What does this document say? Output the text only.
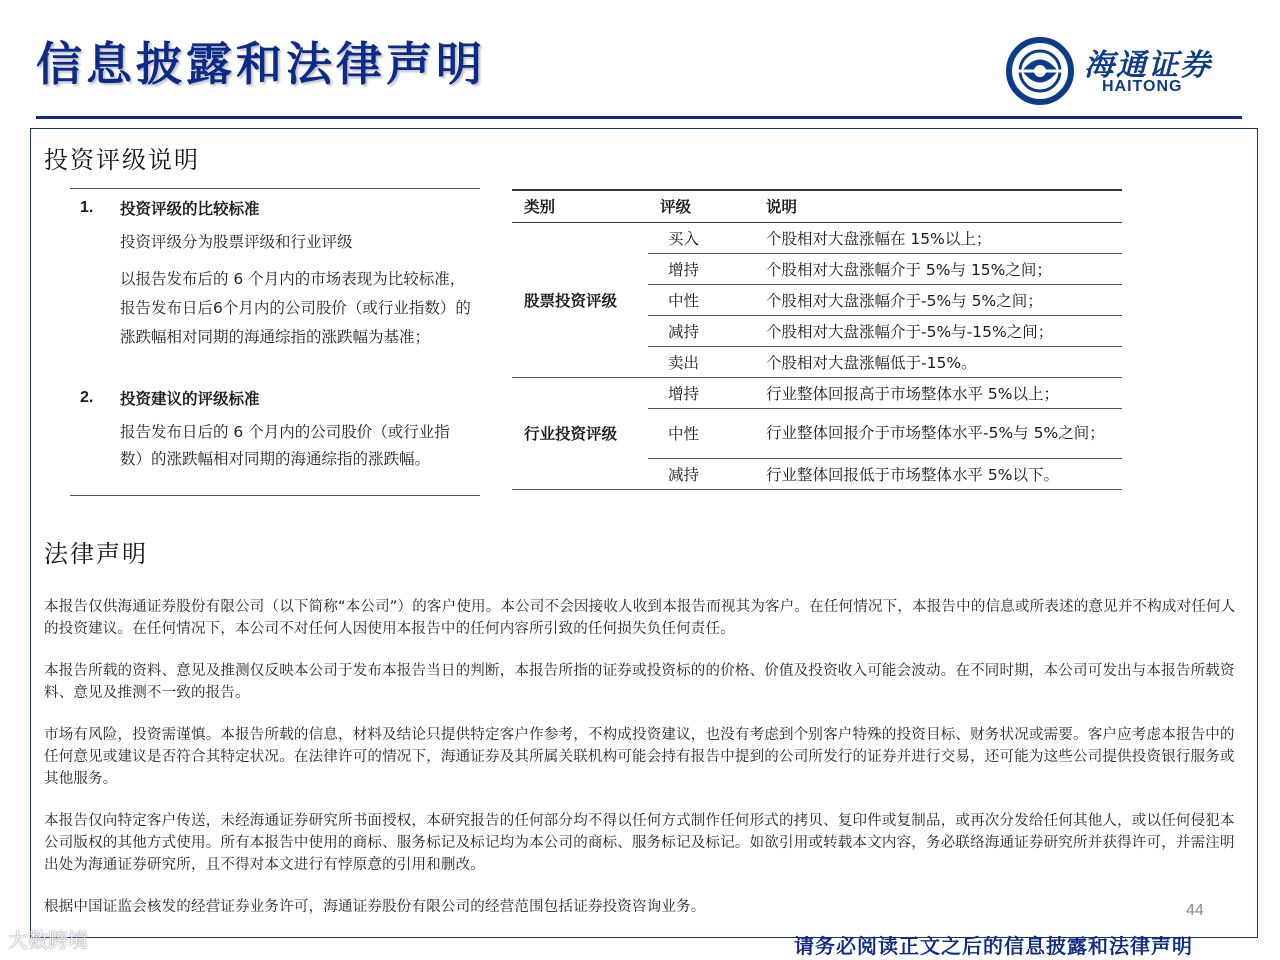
信息披露和法律声明	海通证券
HAITONG
投资评级说明
1. 投资评级的比较标准
投资评级分为股票评级和行业评级
以报告发布后的 6 个月内的市场表现为比较标准，报告发布日后6个月内的公司股价（或行业指数）的涨跌幅相对同期的海通综指的涨跌幅为基准；
2. 投资建议的评级标准
报告发布日后的 6 个月内的公司股价（或行业指数）的涨跌幅相对同期的海通综指的涨跌幅。
类别	评级	说明
股票投资评级	买入	个股相对大盘涨幅在 15%以上；
	增持	个股相对大盘涨幅介于 5%与 15%之间；
	中性	个股相对大盘涨幅介于-5%与 5%之间；
	减持	个股相对大盘涨幅介于-5%与-15%之间；
	卖出	个股相对大盘涨幅低于-15%。
行业投资评级	增持	行业整体回报高于市场整体水平 5%以上；
	中性	行业整体回报介于市场整体水平-5%与 5%之间；
	减持	行业整体回报低于市场整体水平 5%以下。
法律声明
本报告仅供海通证券股份有限公司（以下简称“本公司”）的客户使用。本公司不会因接收人收到本报告而视其为客户。在任何情况下，本报告中的信息或所表述的意见并不构成对任何人的投资建议。在任何情况下，本公司不对任何人因使用本报告中的任何内容所引致的任何损失负任何责任。
本报告所载的资料、意见及推测仅反映本公司于发布本报告当日的判断，本报告所指的证券或投资标的的价格、价值及投资收入可能会波动。在不同时期，本公司可发出与本报告所载资料、意见及推测不一致的报告。
市场有风险，投资需谨慎。本报告所载的信息，材料及结论只提供特定客户作参考，不构成投资建议，也没有考虑到个别客户特殊的投资目标、财务状况或需要。客户应考虑本报告中的任何意见或建议是否符合其特定状况。在法律许可的情况下，海通证券及其所属关联机构可能会持有报告中提到的公司所发行的证券并进行交易，还可能为这些公司提供投资银行服务或其他服务。
本报告仅向特定客户传送，未经海通证券研究所书面授权，本研究报告的任何部分均不得以任何方式制作任何形式的拷贝、复印件或复制品，或再次分发给任何其他人，或以任何侵犯本公司版权的其他方式使用。所有本报告中使用的商标、服务标记及标记均为本公司的商标、服务标记及标记。如欲引用或转载本文内容，务必联络海通证券研究所并获得许可，并需注明出处为海通证券研究所，且不得对本文进行有悖原意的引用和删改。
根据中国证监会核发的经营证券业务许可，海通证券股份有限公司的经营范围包括证券投资咨询业务。	44
请务必阅读正文之后的信息披露和法律声明
大数跨境
